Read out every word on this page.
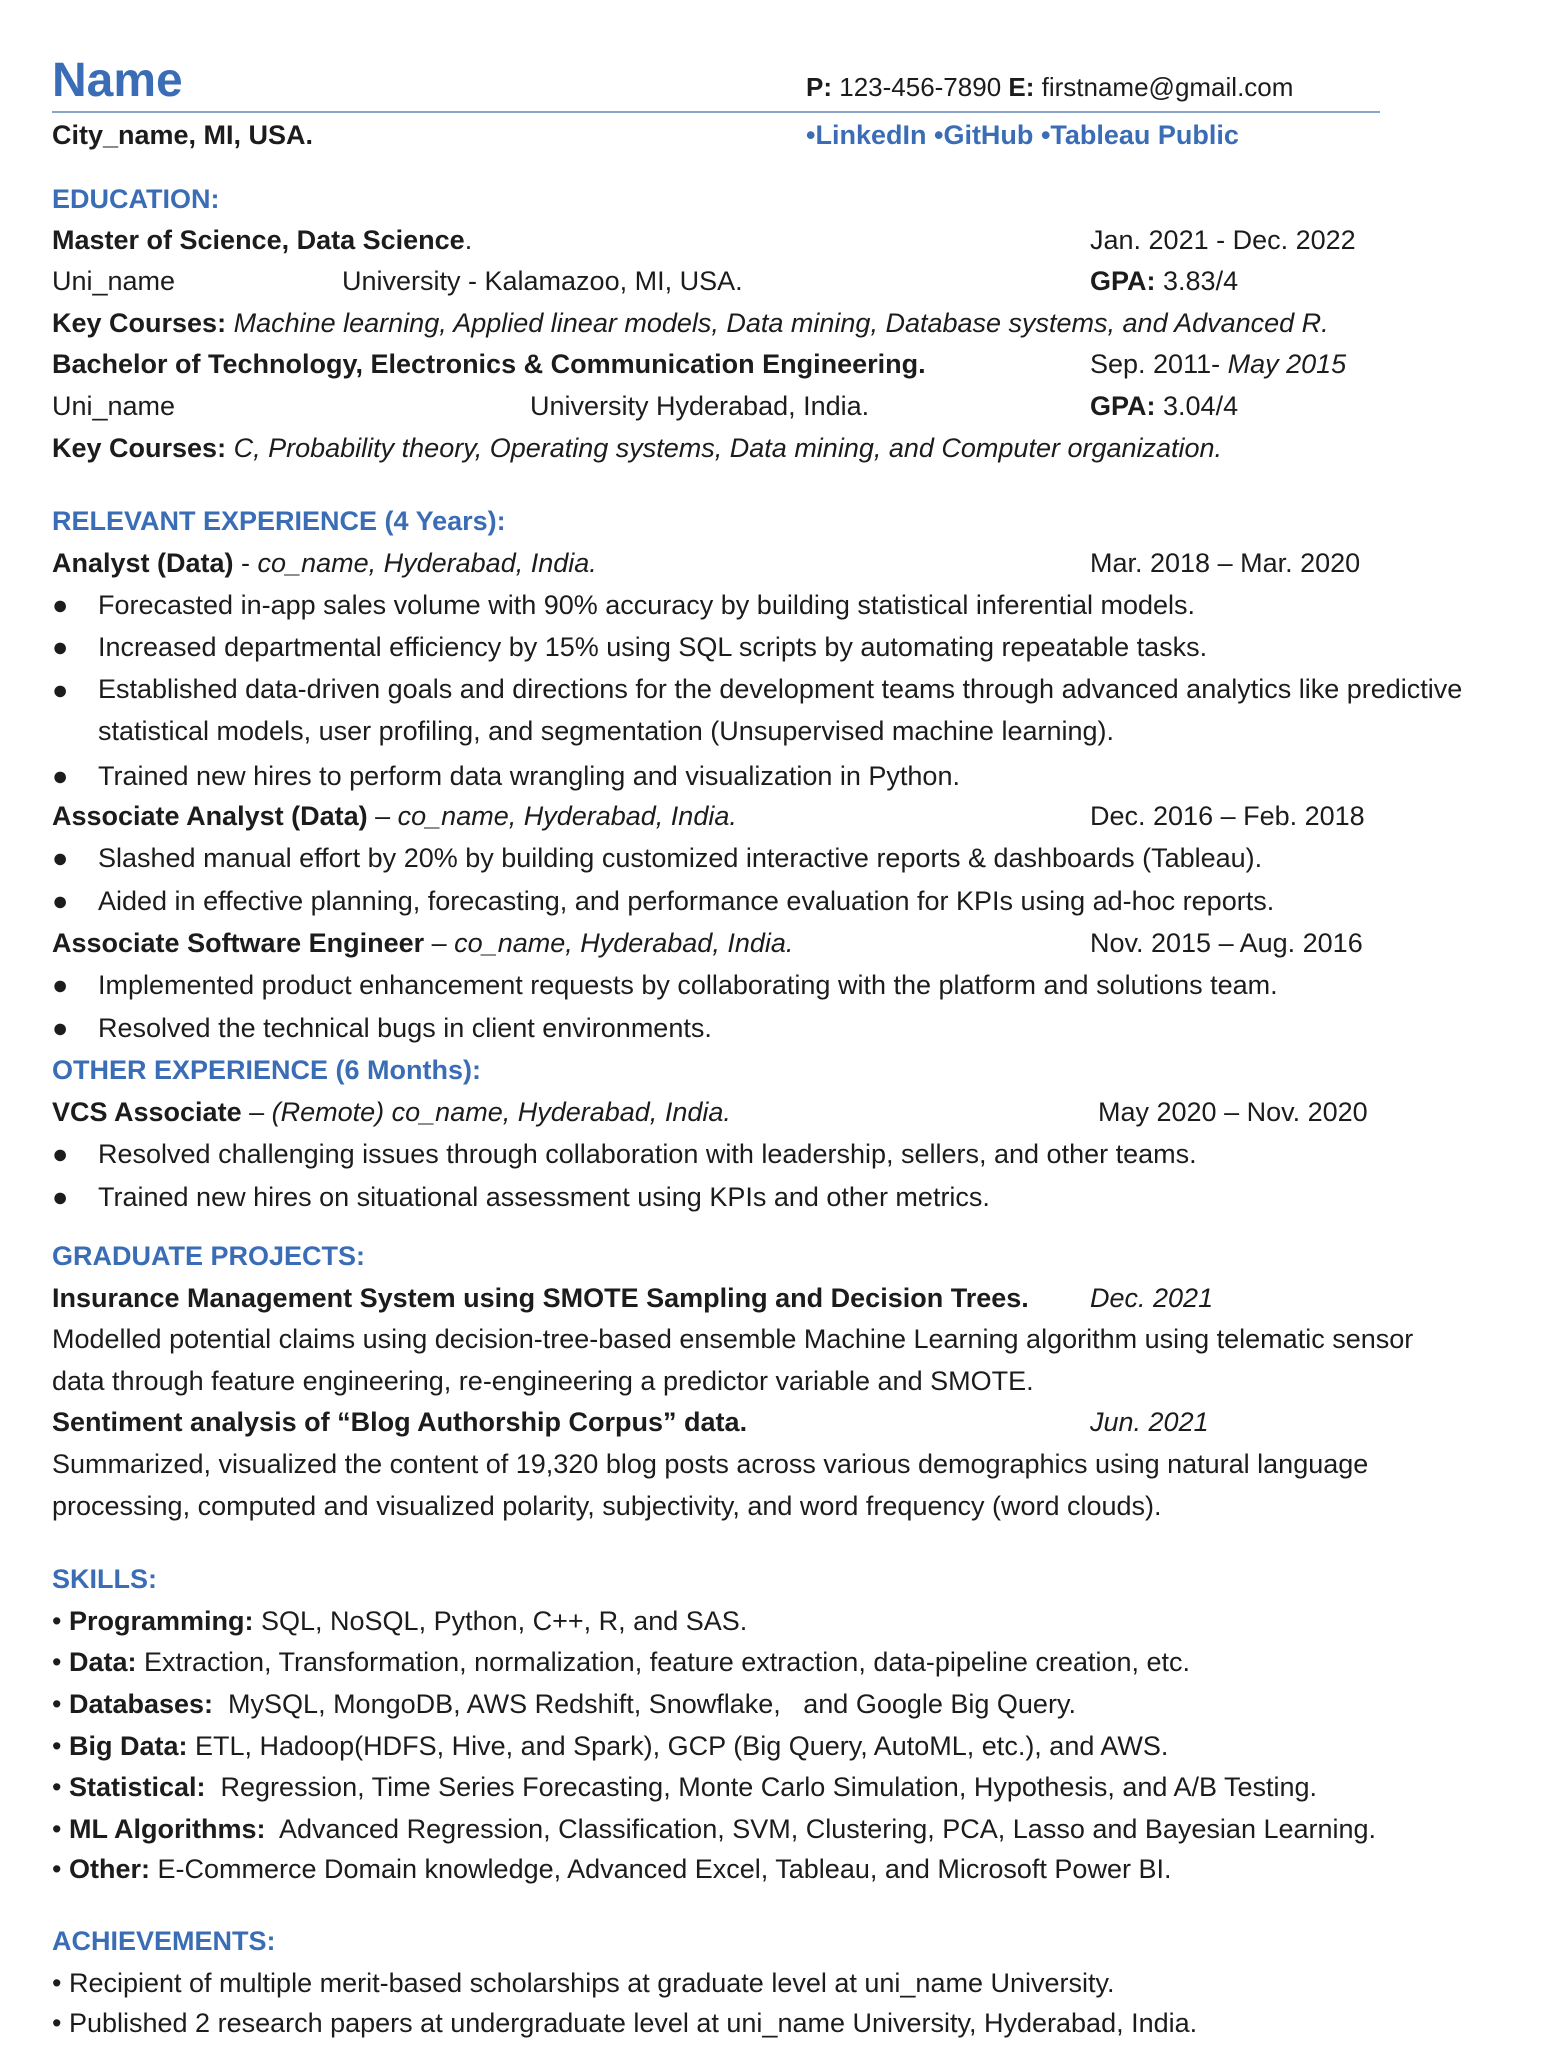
Name	P: 123-456-7890 E: firstname@gmail.com
City_name, MI, USA.	•LinkedIn •GitHub •Tableau Public
EDUCATION:
Master of Science, Data Science.	Jan. 2021 - Dec. 2022
Uni_name	University - Kalamazoo, MI, USA.	GPA: 3.83/4
Key Courses: Machine learning, Applied linear models, Data mining, Database systems, and Advanced R.
Bachelor of Technology, Electronics & Communication Engineering.	Sep. 2011- May 2015
Uni_name	University Hyderabad, India.	GPA: 3.04/4
Key Courses: C, Probability theory, Operating systems, Data mining, and Computer organization.
RELEVANT EXPERIENCE (4 Years):
Analyst (Data) - co_name, Hyderabad, India.	Mar. 2018 – Mar. 2020
● Forecasted in-app sales volume with 90% accuracy by building statistical inferential models.
● Increased departmental efficiency by 15% using SQL scripts by automating repeatable tasks.
● Established data-driven goals and directions for the development teams through advanced analytics like predictive statistical models, user profiling, and segmentation (Unsupervised machine learning).
● Trained new hires to perform data wrangling and visualization in Python.
Associate Analyst (Data) – co_name, Hyderabad, India.	Dec. 2016 – Feb. 2018
● Slashed manual effort by 20% by building customized interactive reports & dashboards (Tableau).
● Aided in effective planning, forecasting, and performance evaluation for KPIs using ad-hoc reports.
Associate Software Engineer – co_name, Hyderabad, India.	Nov. 2015 – Aug. 2016
● Implemented product enhancement requests by collaborating with the platform and solutions team.
● Resolved the technical bugs in client environments.
OTHER EXPERIENCE (6 Months):
VCS Associate – (Remote) co_name, Hyderabad, India.	May 2020 – Nov. 2020
● Resolved challenging issues through collaboration with leadership, sellers, and other teams.
● Trained new hires on situational assessment using KPIs and other metrics.
GRADUATE PROJECTS:
Insurance Management System using SMOTE Sampling and Decision Trees. Dec. 2021
Modelled potential claims using decision-tree-based ensemble Machine Learning algorithm using telematic sensor data through feature engineering, re-engineering a predictor variable and SMOTE.
Sentiment analysis of “Blog Authorship Corpus” data.	Jun. 2021
Summarized, visualized the content of 19,320 blog posts across various demographics using natural language processing, computed and visualized polarity, subjectivity, and word frequency (word clouds).
SKILLS:
• Programming: SQL, NoSQL, Python, C++, R, and SAS.
• Data: Extraction, Transformation, normalization, feature extraction, data-pipeline creation, etc.
• Databases:  MySQL, MongoDB, AWS Redshift, Snowflake,   and Google Big Query.
• Big Data: ETL, Hadoop(HDFS, Hive, and Spark), GCP (Big Query, AutoML, etc.), and AWS.
• Statistical:  Regression, Time Series Forecasting, Monte Carlo Simulation, Hypothesis, and A/B Testing.
• ML Algorithms:  Advanced Regression, Classification, SVM, Clustering, PCA, Lasso and Bayesian Learning.
• Other: E-Commerce Domain knowledge, Advanced Excel, Tableau, and Microsoft Power BI.
ACHIEVEMENTS:
• Recipient of multiple merit-based scholarships at graduate level at uni_name University.
• Published 2 research papers at undergraduate level at uni_name University, Hyderabad, India.
